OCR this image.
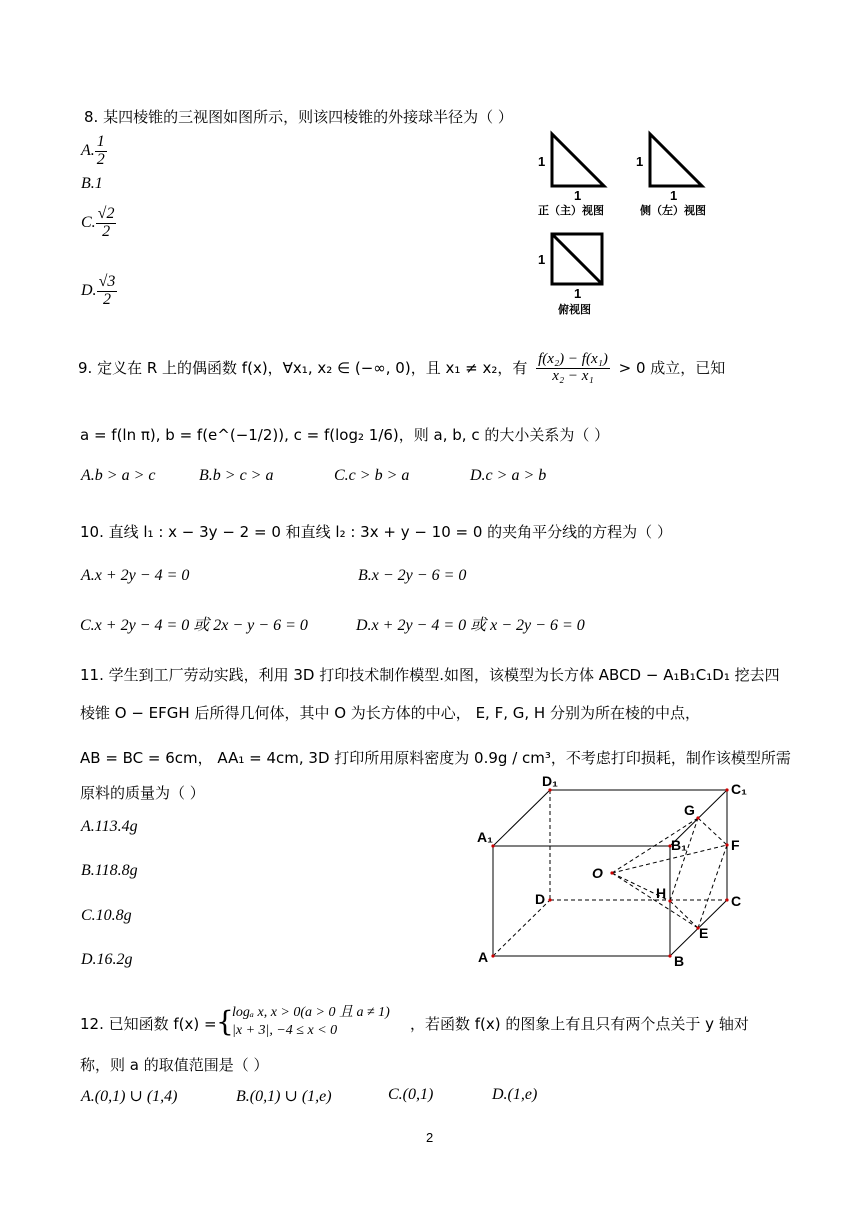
8. 某四棱锥的三视图如图所示，则该四棱锥的外接球半径为（ ）
A. $\frac{1}{2}$
B.1
C. $\frac{√2}{2}$
D. $\frac{√3}{2}$
1
1
正（主）视图
1
1
侧（左）视图
1
1
俯视图
9. 定义在 R 上的偶函数 f(x)，∀x₁, x₂ ∈ (−∞, 0)，且 x₁ ≠ x₂，有 $\frac{\text{f(x₂) − f(x₁)}}{\text{x₂ − x₁}} > 0$ 成立，已知
a = f(ln π), b = f(e^(−1/2)), c = f(log₂ 1/6)，则 a, b, c 的大小关系为（ ）
A.b > a > c	B.b > c > a	C.c > b > a	D.c > a > b
10. 直线 l₁ : x − 3y − 2 = 0 和直线 l₂ : 3x + y − 10 = 0 的夹角平分线的方程为（ ）
A.x + 2y − 4 = 0	B.x − 2y − 6 = 0
C.x + 2y − 4 = 0 或 2x − y − 6 = 0	D.x + 2y − 4 = 0 或 x − 2y − 6 = 0
11. 学生到工厂劳动实践，利用 3D 打印技术制作模型.如图，该模型为长方体 ABCD − A₁B₁C₁D₁ 挖去四
棱锥 O − EFGH 后所得几何体，其中 O 为长方体的中心， E, F, G, H 分别为所在棱的中点，
AB = BC = 6cm， AA₁ = 4cm, 3D 打印所用原料密度为 0.9g / cm³，不考虑打印损耗，制作该模型所需
原料的质量为（ ）
A.113.4g
B.118.8g
C.10.8g
D.16.2g	A	B
C
D
A₁	B₁
C₁
D₁
E
F
G
H
O
12. 已知函数 f(x) = {
logₐ x, x > 0(a > 0 且 a ≠ 1)
|x + 3|, −4 ≤ x < 0	，若函数 f(x) 的图象上有且只有两个点关于 y 轴对
称，则 a 的取值范围是（ ）
A.(0,1) ∪ (1,4)	B.(0,1) ∪ (1,e)	C.(0,1)	D.(1,e)
2
